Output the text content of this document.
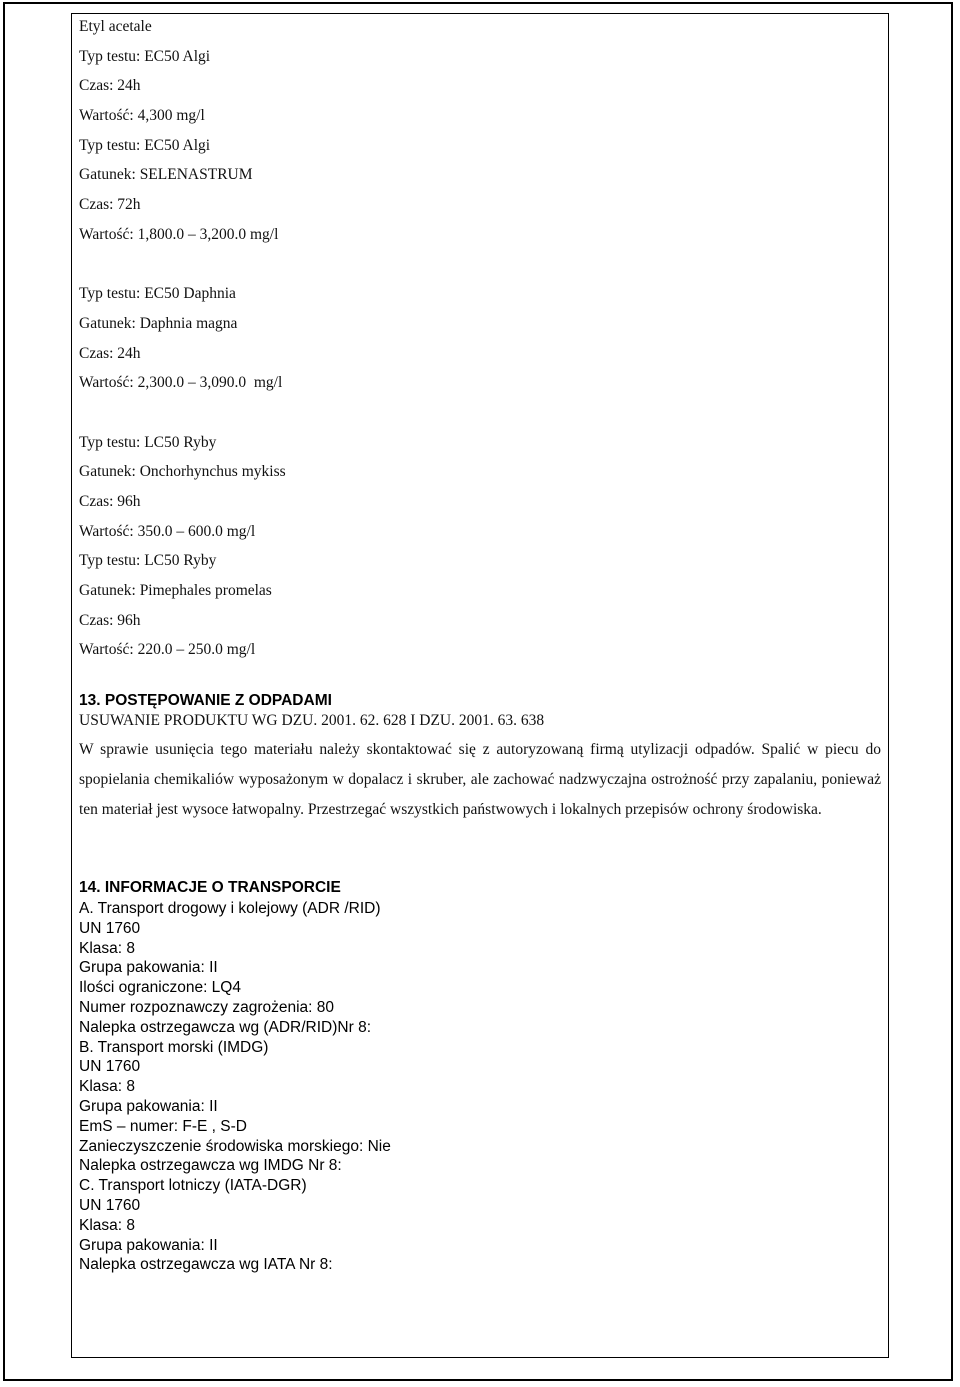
Etyl acetale
Typ testu: EC50 Algi
Czas: 24h
Wartość: 4,300 mg/l
Typ testu: EC50 Algi
Gatunek: SELENASTRUM
Czas: 72h
Wartość: 1,800.0 – 3,200.0 mg/l
Typ testu: EC50 Daphnia
Gatunek: Daphnia magna
Czas: 24h
Wartość: 2,300.0 – 3,090.0  mg/l
Typ testu: LC50 Ryby
Gatunek: Onchorhynchus mykiss
Czas: 96h
Wartość: 350.0 – 600.0 mg/l
Typ testu: LC50 Ryby
Gatunek: Pimephales promelas
Czas: 96h
Wartość: 220.0 – 250.0 mg/l
13. POSTĘPOWANIE Z ODPADAMI
USUWANIE PRODUKTU WG DZU. 2001. 62. 628 I DZU. 2001. 63. 638
W sprawie usunięcia tego materiału należy skontaktować się z autoryzowaną firmą utylizacji odpadów. Spalić w piecu do spopielania chemikaliów wyposażonym w dopalacz i skruber, ale zachować nadzwyczajna ostrożność przy zapalaniu, ponieważ ten materiał jest wysoce łatwopalny. Przestrzegać wszystkich państwowych i lokalnych przepisów ochrony środowiska.
14. INFORMACJE O TRANSPORCIE
A. Transport drogowy i kolejowy (ADR /RID)
UN 1760
Klasa: 8
Grupa pakowania: II
Ilości ograniczone: LQ4
Numer rozpoznawczy zagrożenia: 80
Nalepka ostrzegawcza wg (ADR/RID)Nr 8:
B. Transport morski (IMDG)
UN 1760
Klasa: 8
Grupa pakowania: II
EmS – numer: F-E , S-D
Zanieczyszczenie środowiska morskiego: Nie
Nalepka ostrzegawcza wg IMDG Nr 8:
C. Transport lotniczy (IATA-DGR)
UN 1760
Klasa: 8
Grupa pakowania: II
Nalepka ostrzegawcza wg IATA Nr 8:
